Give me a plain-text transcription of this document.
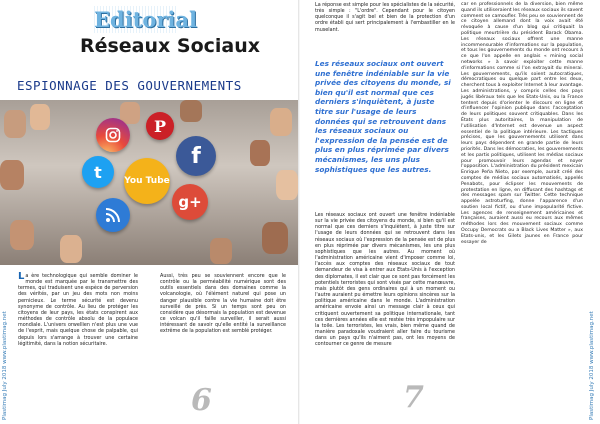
Editorial
Réseaux Sociaux
ESPIONNAGE DES GOUVERNEMENTS
P
t
f
You Tube
g+
Plastimag July 2018 www.plastimag.net
La ère technologique qui semble dominer le monde est marquée par le transmettre des termes, qui traduisent une espèce de perversion des vérités, par un jeu des mots non moins pernicieux. Le terme sécurité est devenu synonyme de contrôle. Au lieu de protéger les citoyens de leur pays, les états conspirent aux méthodes de contrôle absolu de la populace mondiale. L'univers orwellien n'est plus une vue de l'esprit, mais quelque chose de palpable, qui depuis lors s'arrange à trouver une certaine légitimité, dans la notion sécuritaire.
Aussi, très peu se souviennent encore que le contrôle ou la perméabilité numérique sont des outils essentiels dans des domaines comme la volcanologie, où l'élément naturel qui pose un danger plausible contre la vie humaine doit être surveillé de près. Si un temps sont peu on considère que désormais la population est devenue ce volcan qu'il faille surveiller, il serait aussi intéressant de savoir qu'elle entité la surveillance extrême de la population est semblé protéger.
6
La réponse est simple pour les spécialistes de la sécurité, très simple : "L'ordre". Cependant pour le citoyen quelconque il s'agit bel et bien de la protection d'un ordre établi qui sert principalement à l'embastiller en le muselant.
Les réseaux sociaux ont ouvert une fenêtre indéniable sur la vie privée des citoyens du monde, si bien qu'il est normal que ces derniers s'inquiètent, à juste titre sur l'usage de leurs données qui se retrouvent dans les réseaux sociaux ou l'expression de la pensée est de plus en plus réprimée par divers mécanismes, les uns plus sophistiques que les autres.
Les réseaux sociaux ont ouvert une fenêtre indéniable sur la vie privée des citoyens du monde, si bien qu'il est normal que ces derniers s'inquiètent, à juste titre sur l'usage de leurs données qui se retrouvent dans les réseaux sociaux où l'expression de la pensée est de plus en plus réprimée par divers mécanismes, les uns plus sophistiques que les autres. Au moment où l'administration américaine vient d'imposer comme loi, l'accès aux comptes des réseaux sociaux de tout demandeur de visa à entrer aux Etats-Unis à l'exception des diplomates, il est clair que ce sont pas forcément les potentiels terroristes qui sont visés par cette manœuvre, mais plutôt des gens ordinaires qui à un moment ou l'autre auraient pu émettre leurs opinions sincères sur la politique américaine dans le monde. L'administration américaine envoie ainsi un message clair à ceux qui critiquent ouvertement sa politique internationale, tant ces dernières années elle est restée très impopulaire sur la toile. Les terroristes, les vrais, bien même quand de manière paradoxale voudraient aller faire du tourisme dans un pays qu'ils n'aiment pas, ont les moyens de contourner ce genre de mesure
car en professionnels de la diversion, bien même quand ils utiliseraient les réseaux sociaux ils savent comment se camoufler. Très peu se souviennent de ce citoyen allemand dont la voix avait été révoquée à cause d'un blog qui critiquait la politique meurtrière du président Barack Obama. Les réseaux sociaux offrent une manne incommensurable d'informations sur la population, et tous les gouvernements du monde ont recours à ce que l'on appelle en anglais « mining social networks » à savoir exploiter cette manne d'informations comme si l'on extrayait du minerai. Les gouvernements, qu'ils soient autocratiques, démocratiques ou quelque part entre les deux, cherchent tous à exploiter Internet à leur avantage. Les administrations, y compris celles des pays jugés libéraux tels que les Etats-Unis, ou la France tentent depuis d'orienter le discours en ligne et d'influencer l'opinion publique dans l'acceptation de leurs politiques souvent critiquables. Dans les États plus autoritaires, la manipulation de l'utilisation d'Internet est devenue un aspect essentiel de la politique intérieure. Les tactiques précises, que les gouvernements utilisent dans leurs pays dépendent en grande partie de leurs priorités. Dans les démocraties, les gouvernements et les partis politiques, utilisent les médias sociaux pour promouvoir leurs agendas et noyer l'opposition. L'administration du président mexicain Enrique Peña Nieto, par exemple, aurait créé des comptes de médias sociaux automatisés, appelés Penabots, pour éclipser les mouvements de protestation en ligne, en diffusant des hashtags et des messages spam sur Twitter. Cette technique appelée astroturfing, donne l'apparence d'un soutien local fictif, ou d'une impopularité fictive. Les agences de renseignement américaines et françaises, auraient aussi eu recours aux mêmes méthodes lors des mouvement sociaux comme Occupy Democrats ou a Black Lives Matter », aux Etats-unis, et les Gilets jaunes en France pour essayer de
Plastimag July 2018 www.plastimag.net
7
